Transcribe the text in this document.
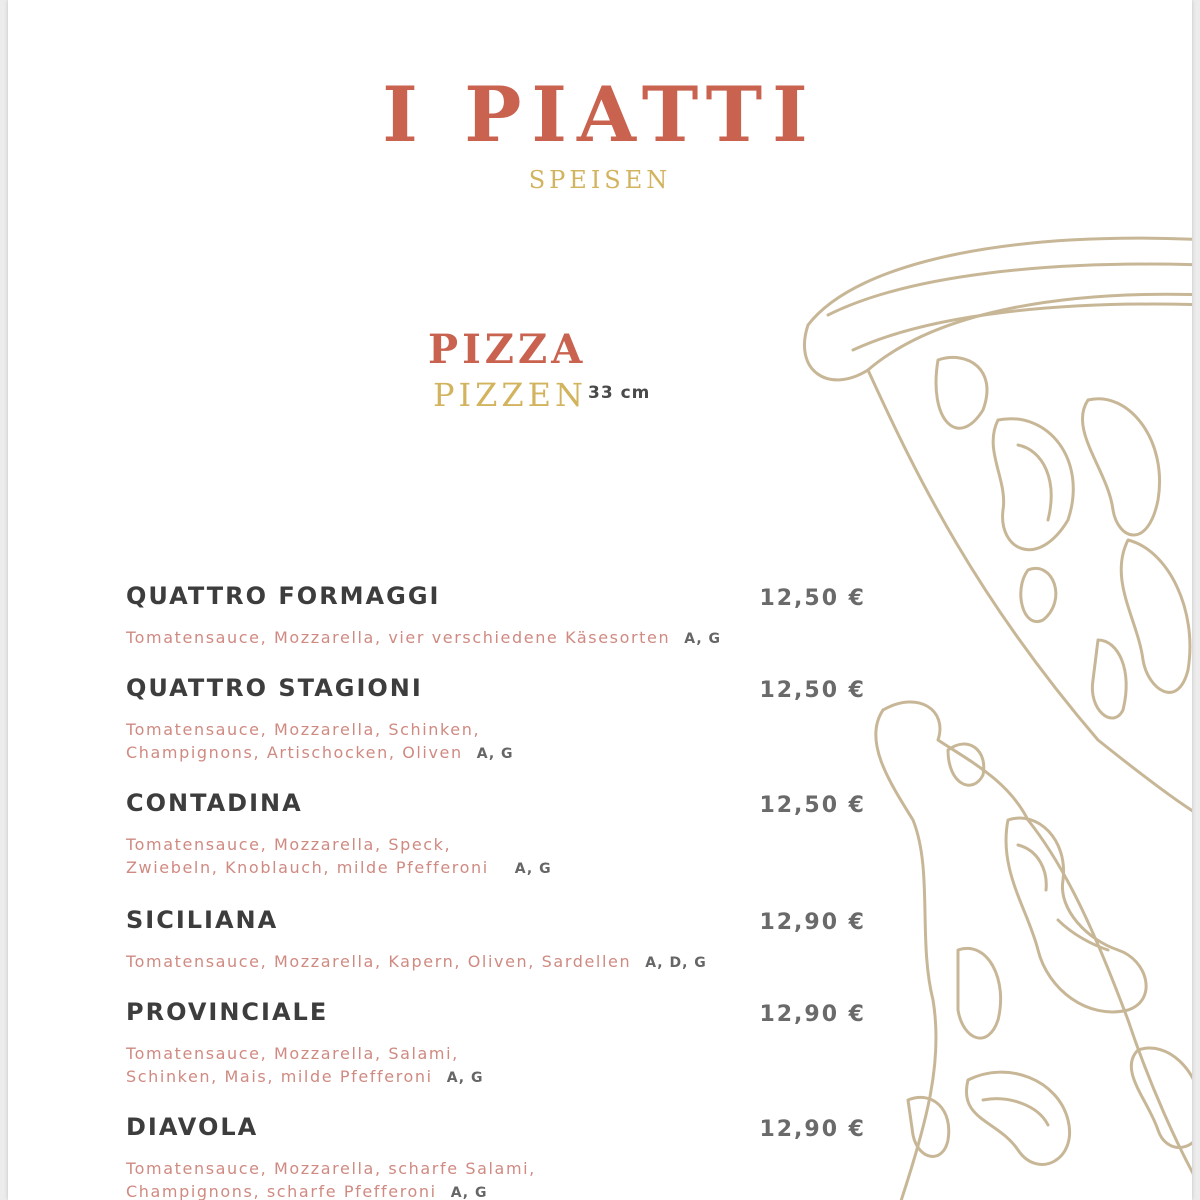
I PIATTI
SPEISEN
PIZZA
PIZZEN 33 cm
QUATTRO FORMAGGI	12,50 €
Tomatensauce, Mozzarella, vier verschiedene Käsesorten A, G
QUATTRO STAGIONI	12,50 €
Tomatensauce, Mozzarella, Schinken,
Champignons, Artischocken, Oliven A, G
CONTADINA	12,50 €
Tomatensauce, Mozzarella, Speck,
Zwiebeln, Knoblauch, milde Pfefferoni A, G
SICILIANA	12,90 €
Tomatensauce, Mozzarella, Kapern, Oliven, Sardellen A, D, G
PROVINCIALE	12,90 €
Tomatensauce, Mozzarella, Salami,
Schinken, Mais, milde Pfefferoni A, G
DIAVOLA	12,90 €
Tomatensauce, Mozzarella, scharfe Salami,
Champignons, scharfe Pfefferoni A, G
